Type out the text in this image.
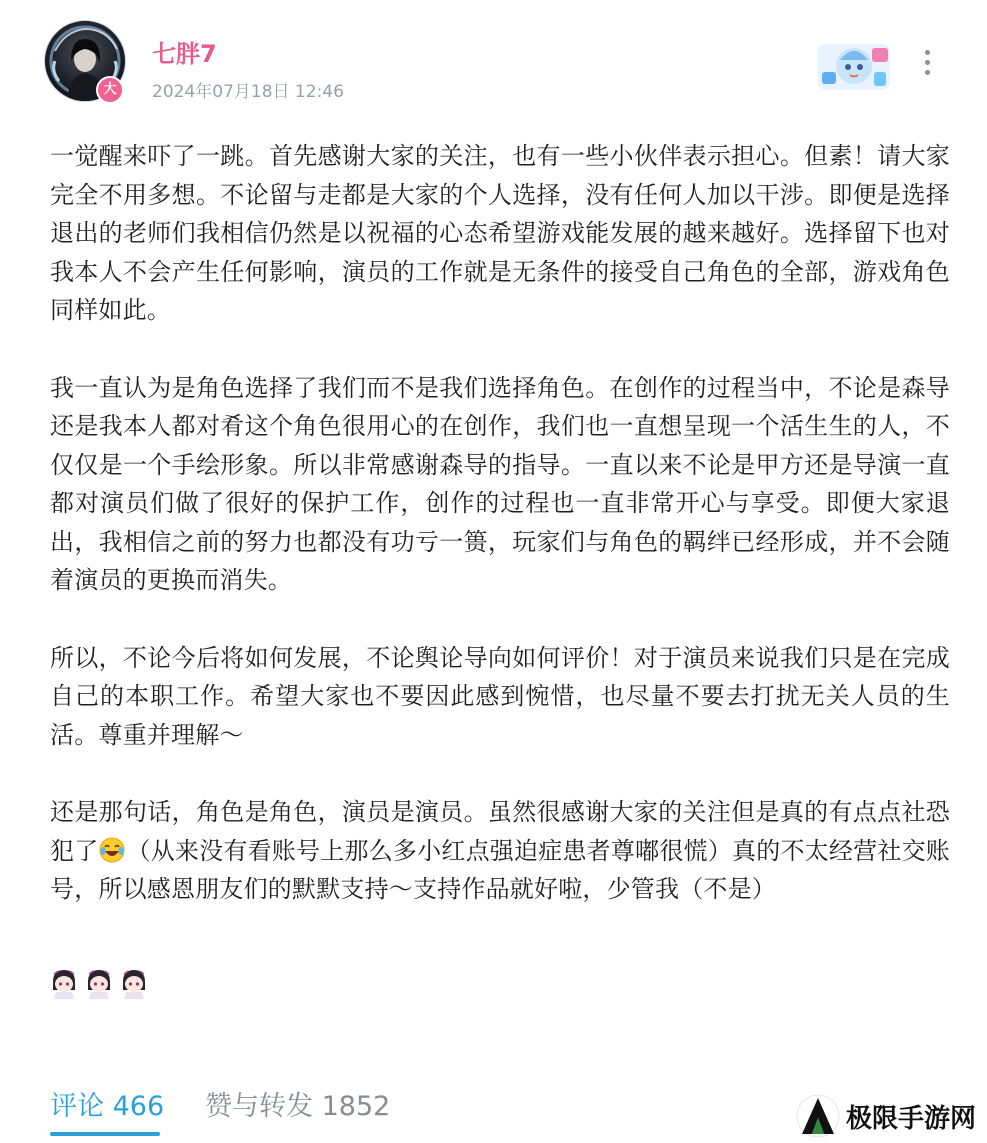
大
七胖7
2024年07月18日 12:46

一觉醒来吓了一跳。首先感谢大家的关注，也有一些小伙伴表示担心。但素！请大家完全不用多想。不论留与走都是大家的个人选择，没有任何人加以干涉。即便是选择退出的老师们我相信仍然是以祝福的心态希望游戏能发展的越来越好。选择留下也对我本人不会产生任何影响，演员的工作就是无条件的接受自己角色的全部，游戏角色同样如此。

我一直认为是角色选择了我们而不是我们选择角色。在创作的过程当中，不论是森导还是我本人都对肴这个角色很用心的在创作，我们也一直想呈现一个活生生的人，不仅仅是一个手绘形象。所以非常感谢森导的指导。一直以来不论是甲方还是导演一直都对演员们做了很好的保护工作，创作的过程也一直非常开心与享受。即便大家退出，我相信之前的努力也都没有功亏一篑，玩家们与角色的羁绊已经形成，并不会随着演员的更换而消失。

所以，不论今后将如何发展，不论舆论导向如何评价！对于演员来说我们只是在完成自己的本职工作。希望大家也不要因此感到惋惜，也尽量不要去打扰无关人员的生活。尊重并理解～

还是那句话，角色是角色，演员是演员。虽然很感谢大家的关注但是真的有点点社恐犯了 （从来没有看账号上那么多小红点强迫症患者尊嘟很慌）真的不太经营社交账号，所以感恩朋友们的默默支持～支持作品就好啦，少管我（不是）

评论 466 赞与转发 1852	极限手游网
